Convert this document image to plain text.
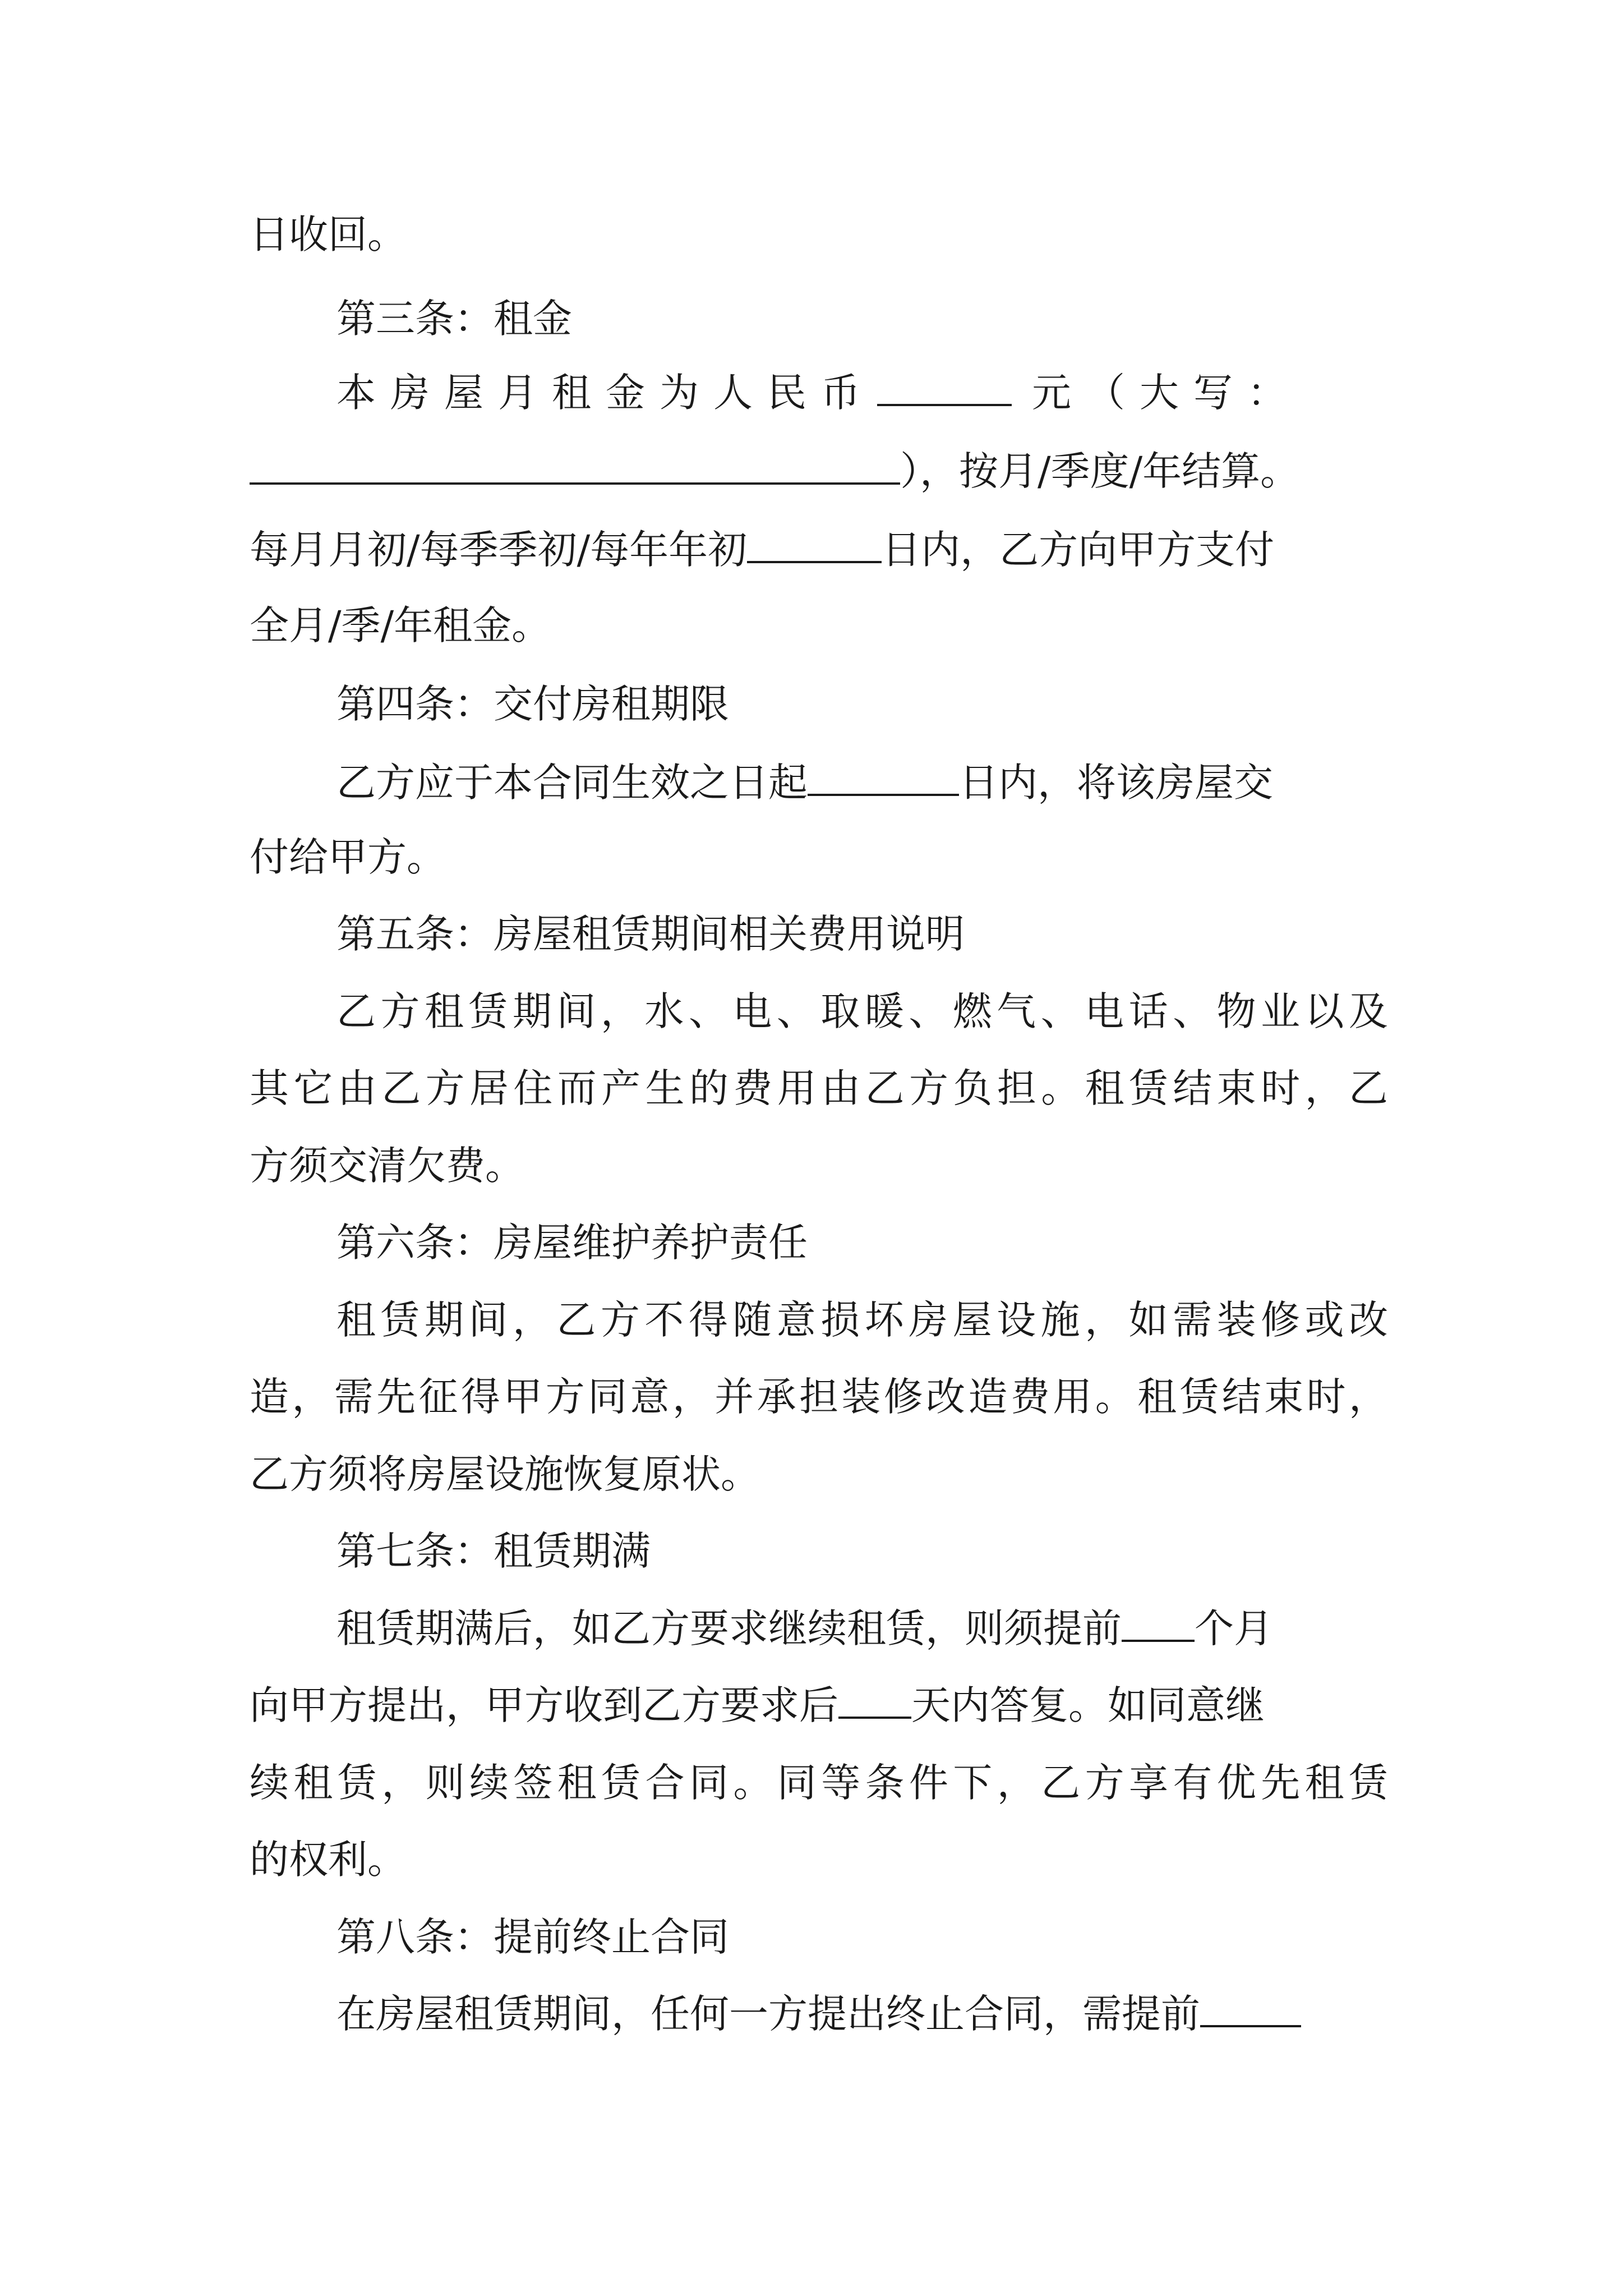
日收回。
第三条：租金
本房屋月租金为人民币	元（大写：
），按月/季度/年结算。
每月月初/每季季初/每年年初	日内，乙方向甲方支付
全月/季/年租金。
第四条：交付房租期限
乙方应于本合同生效之日起	日内，将该房屋交
付给甲方。
第五条：房屋租赁期间相关费用说明
乙方租赁期间，水、电、取暖、燃气、电话、物业以及
其它由乙方居住而产生的费用由乙方负担。租赁结束时，乙
方须交清欠费。
第六条：房屋维护养护责任
租赁期间，乙方不得随意损坏房屋设施，如需装修或改
造，需先征得甲方同意，并承担装修改造费用。租赁结束时，
乙方须将房屋设施恢复原状。
第七条：租赁期满
租赁期满后，如乙方要求继续租赁，则须提前 个月
向甲方提出，甲方收到乙方要求后 天内答复。如同意继
续租赁，则续签租赁合同。同等条件下，乙方享有优先租赁
的权利。
第八条：提前终止合同
在房屋租赁期间，任何一方提出终止合同，需提前
